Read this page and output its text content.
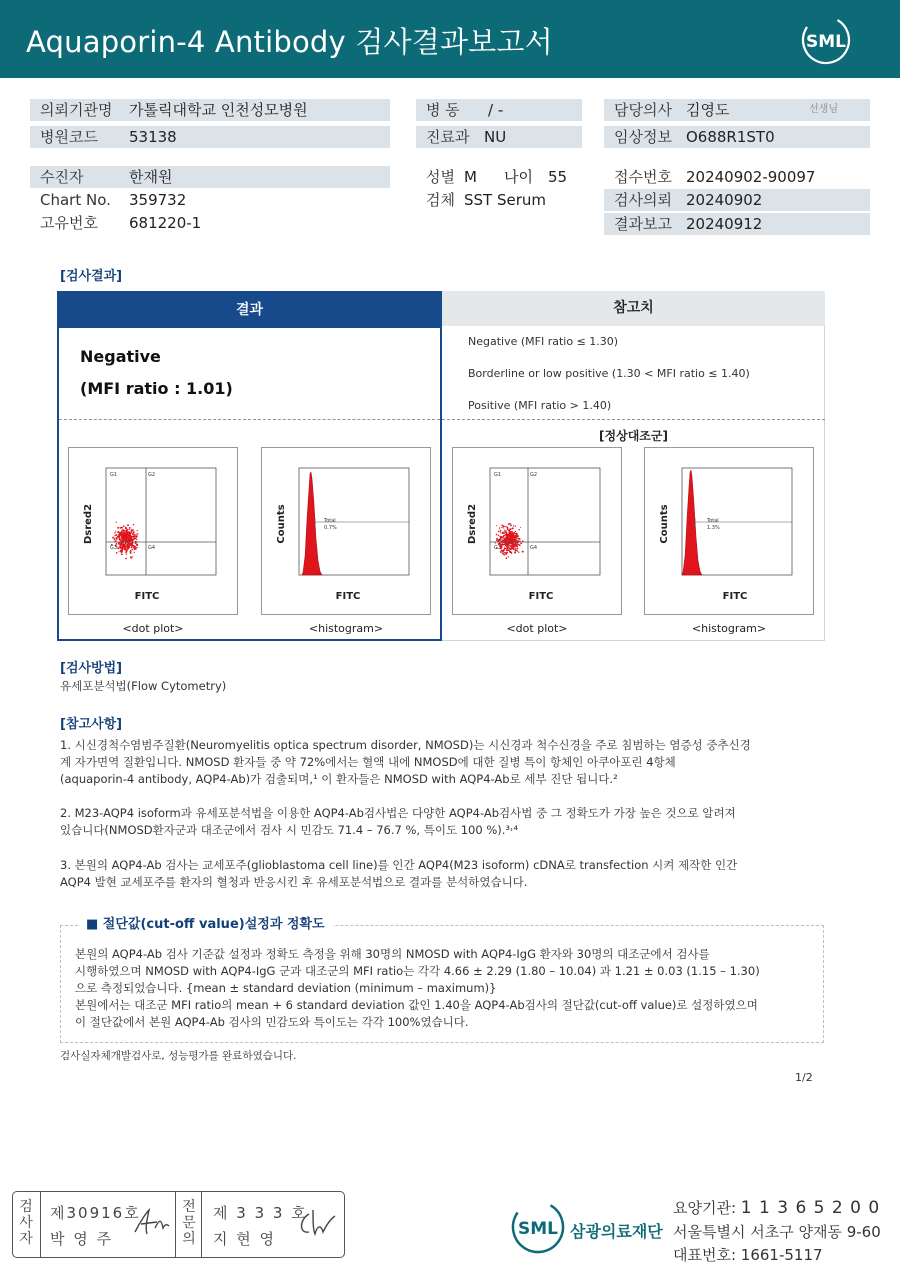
Aquaporin-4 Antibody 검사결과보고서	SML
의뢰기관명 가톨릭대학교 인천성모병원
병원코드 53138
병 동 / -
진료과 NU
담당의사 김영도	선생님
임상정보 O688R1ST0
수진자	한재원
Chart No. 359732
고유번호 681220-1
성별 M 나이 55
검체 SST Serum
접수번호 20240902-90097
검사의뢰 20240902
결과보고 20240912
[검사결과]
참고치
결과
Negative
(MFI ratio : 1.01)
Negative (MFI ratio ≤ 1.30)
Borderline or low positive (1.30 < MFI ratio ≤ 1.40)
Positive (MFI ratio > 1.40)
[정상대조군]
G1	G2
G3	G4
FITC
Dsred2	Total
0.7%
FITC
Counts
G1	G2
G3	G4
FITC
Dsred2	Total
1.3%
FITC
Counts
<dot plot>	<histogram>	<dot plot>	<histogram>
[검사방법]
유세포분석법(Flow Cytometry)
[참고사항]
1. 시신경척수염범주질환(Neuromyelitis optica spectrum disorder, NMOSD)는 시신경과 척수신경을 주로 침범하는 염증성 중추신경
계 자가면역 질환입니다. NMOSD 환자들 중 약 72%에서는 혈액 내에 NMOSD에 대한 질병 특이 항체인 아쿠아포린 4항체
(aquaporin-4 antibody, AQP4-Ab)가 검출되며,¹ 이 환자들은 NMOSD with AQP4-Ab로 세부 진단 됩니다.²
2. M23-AQP4 isoform과 유세포분석법을 이용한 AQP4-Ab검사법은 다양한 AQP4-Ab검사법 중 그 정확도가 가장 높은 것으로 알려져
있습니다(NMOSD환자군과 대조군에서 검사 시 민감도 71.4 – 76.7 %, 특이도 100 %).³˒⁴
3. 본원의 AQP4-Ab 검사는 교세포주(glioblastoma cell line)를 인간 AQP4(M23 isoform) cDNA로 transfection 시켜 제작한 인간
AQP4 발현 교세포주를 환자의 혈청과 반응시킨 후 유세포분석법으로 결과를 분석하였습니다.
■ 절단값(cut-off value)설정과 정확도
본원의 AQP4-Ab 검사 기준값 설정과 정확도 측정을 위해 30명의 NMOSD with AQP4-IgG 환자와 30명의 대조군에서 검사를
시행하였으며 NMOSD with AQP4-IgG 군과 대조군의 MFI ratio는 각각 4.66 ± 2.29 (1.80 – 10.04) 과 1.21 ± 0.03 (1.15 – 1.30)
으로 측정되었습니다. {mean ± standard deviation (minimum – maximum)}
본원에서는 대조군 MFI ratio의 mean + 6 standard deviation 값인 1.40을 AQP4-Ab검사의 절단값(cut-off value)로 설정하였으며
이 절단값에서 본원 AQP4-Ab 검사의 민감도와 특이도는 각각 100%였습니다.
검사실자체개발검사로, 성능평가를 완료하였습니다.
1/2
검사자
제30916호
박 영 주
전문의
제 3 3 3 호
지 현 영	SML 삼광의료재단
요양기관: 1 1 3 6 5 2 0 0
서울특별시 서초구 양재동 9-60
대표번호: 1661-5117
